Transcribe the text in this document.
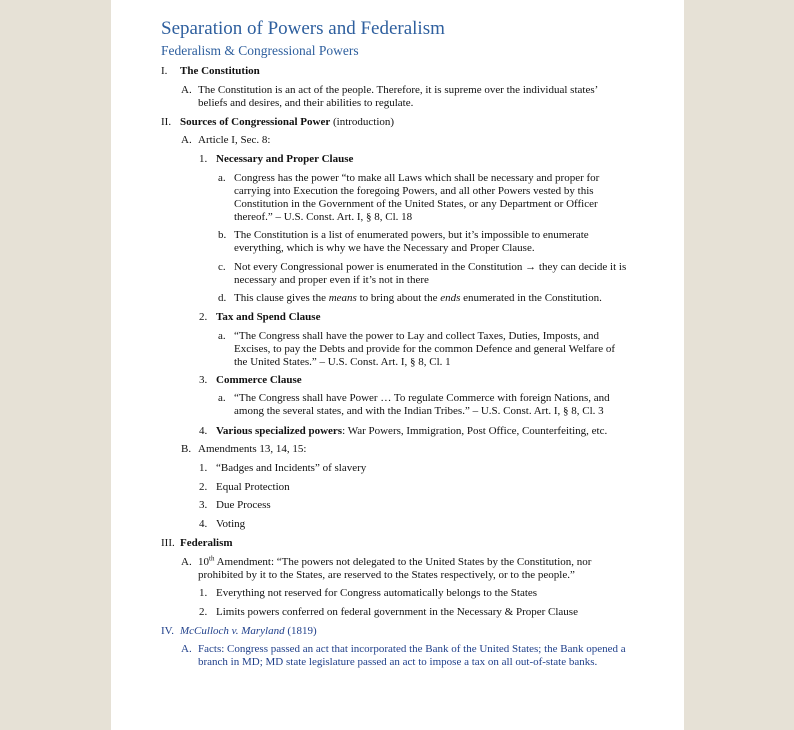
Separation of Powers and Federalism
Federalism & Congressional Powers
I. The Constitution
A. The Constitution is an act of the people. Therefore, it is supreme over the individual states’
beliefs and desires, and their abilities to regulate.
II. Sources of Congressional Power (introduction)
A. Article I, Sec. 8:
1. Necessary and Proper Clause
a. Congress has the power “to make all Laws which shall be necessary and proper for
carrying into Execution the foregoing Powers, and all other Powers vested by this
Constitution in the Government of the United States, or any Department or Officer
thereof.” – U.S. Const. Art. I, § 8, Cl. 18
b. The Constitution is a list of enumerated powers, but it’s impossible to enumerate
everything, which is why we have the Necessary and Proper Clause.
c. Not every Congressional power is enumerated in the Constitution → they can decide it is
necessary and proper even if it’s not in there
d. This clause gives the means to bring about the ends enumerated in the Constitution.
2. Tax and Spend Clause
a. “The Congress shall have the power to Lay and collect Taxes, Duties, Imposts, and
Excises, to pay the Debts and provide for the common Defence and general Welfare of
the United States.” – U.S. Const. Art. I, § 8, Cl. 1
3. Commerce Clause
a. “The Congress shall have Power … To regulate Commerce with foreign Nations, and
among the several states, and with the Indian Tribes.” – U.S. Const. Art. I, § 8, Cl. 3
4. Various specialized powers: War Powers, Immigration, Post Office, Counterfeiting, etc.
B. Amendments 13, 14, 15:
1. “Badges and Incidents” of slavery
2. Equal Protection
3. Due Process
4. Voting
III. Federalism
A. 10th Amendment: “The powers not delegated to the United States by the Constitution, nor
prohibited by it to the States, are reserved to the States respectively, or to the people.”
1. Everything not reserved for Congress automatically belongs to the States
2. Limits powers conferred on federal government in the Necessary & Proper Clause
IV. McCulloch v. Maryland (1819)
A. Facts: Congress passed an act that incorporated the Bank of the United States; the Bank opened a
branch in MD; MD state legislature passed an act to impose a tax on all out-of-state banks.
